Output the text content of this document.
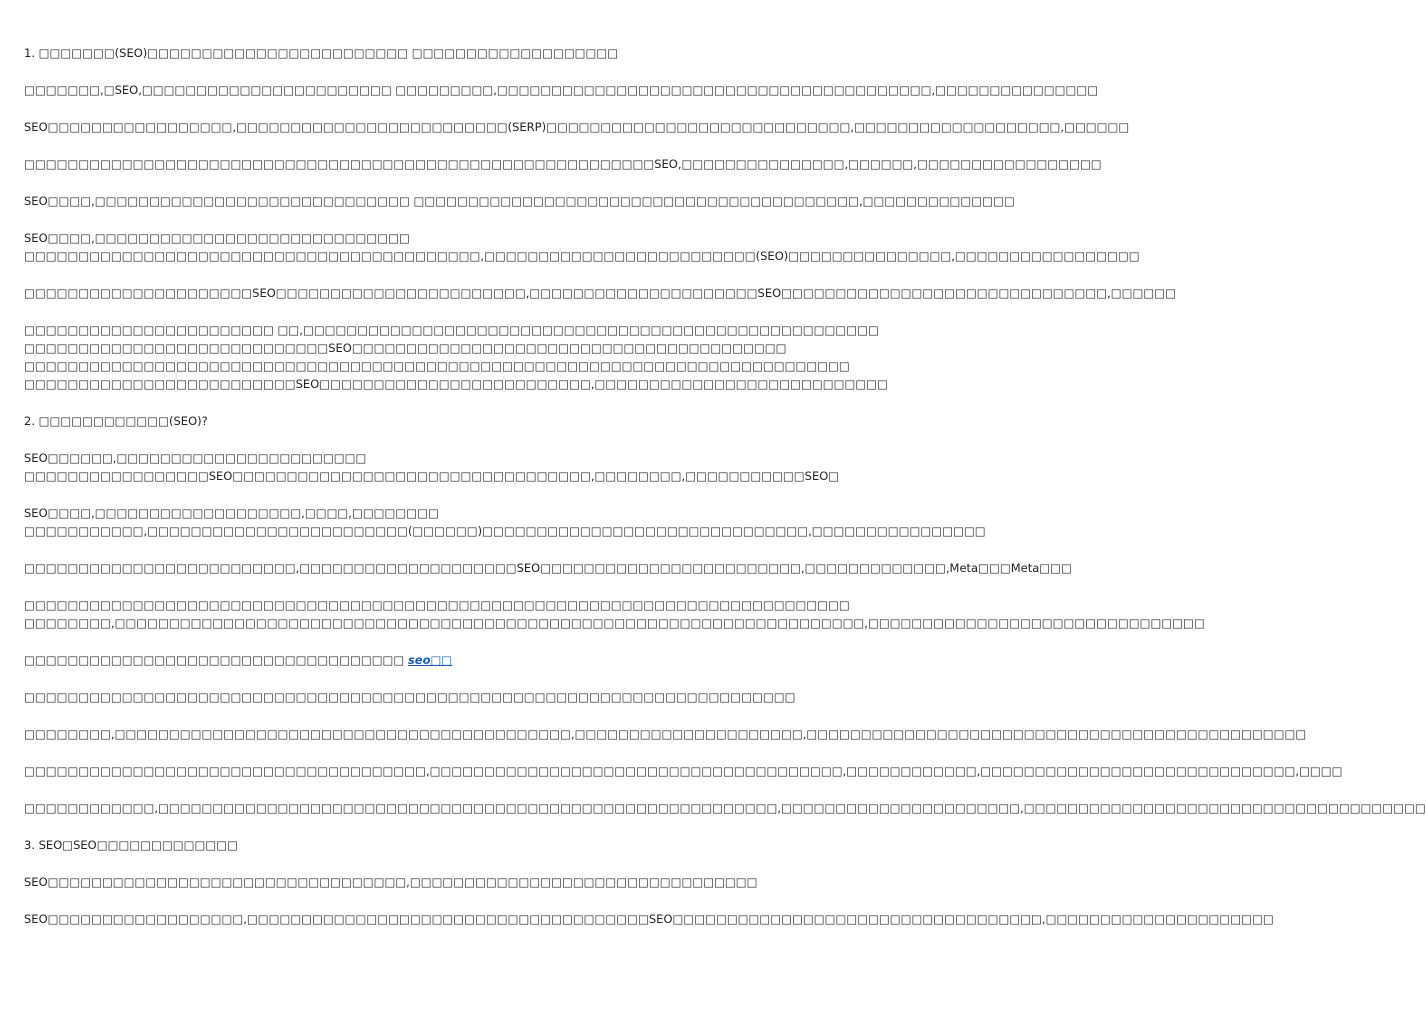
1. □□□□□□□(SEO)□□□□□□□□□□□□□□□□□□□□□□□□ □□□□□□□□□□□□□□□□□□□

□□□□□□□,□SEO,□□□□□□□□□□□□□□□□□□□□□□□ □□□□□□□□□,□□□□□□□□□□□□□□□□□□□□□□□□□□□□□□□□□□□□□□□□,□□□□□□□□□□□□□□□

SEO□□□□□□□□□□□□□□□□□,□□□□□□□□□□□□□□□□□□□□□□□□□(SERP)□□□□□□□□□□□□□□□□□□□□□□□□□□□□,□□□□□□□□□□□□□□□□□□□,□□□□□□

□□□□□□□□□□□□□□□□□□□□□□□□□□□□□□□□□□□□□□□□□□□□□□□□□□□□□□□□□□SEO,□□□□□□□□□□□□□□□,□□□□□□,□□□□□□□□□□□□□□□□□

SEO□□□□,□□□□□□□□□□□□□□□□□□□□□□□□□□□□□ □□□□□□□□□□□□□□□□□□□□□□□□□□□□□□□□□□□□□□□□□,□□□□□□□□□□□□□□

SEO□□□□,□□□□□□□□□□□□□□□□□□□□□□□□□□□□□

□□□□□□□□□□□□□□□□□□□□□□□□□□□□□□□□□□□□□□□□□□,□□□□□□□□□□□□□□□□□□□□□□□□□(SEO)□□□□□□□□□□□□□□□,□□□□□□□□□□□□□□□□□

□□□□□□□□□□□□□□□□□□□□□SEO□□□□□□□□□□□□□□□□□□□□□□□,□□□□□□□□□□□□□□□□□□□□□SEO□□□□□□□□□□□□□□□□□□□□□□□□□□□□□□,□□□□□□

□□□□□□□□□□□□□□□□□□□□□□□ □□,□□□□□□□□□□□□□□□□□□□□□□□□□□□□□□□□□□□□□□□□□□□□□□□□□□□□□

□□□□□□□□□□□□□□□□□□□□□□□□□□□□SEO□□□□□□□□□□□□□□□□□□□□□□□□□□□□□□□□□□□□□□□□

□□□□□□□□□□□□□□□□□□□□□□□□□□□□□□□□□□□□□□□□□□□□□□□□□□□□□□□□□□□□□□□□□□□□□□□□□□□□

□□□□□□□□□□□□□□□□□□□□□□□□□SEO□□□□□□□□□□□□□□□□□□□□□□□□□,□□□□□□□□□□□□□□□□□□□□□□□□□□□

2. □□□□□□□□□□□□(SEO)?

SEO□□□□□□,□□□□□□□□□□□□□□□□□□□□□□□

□□□□□□□□□□□□□□□□□SEO□□□□□□□□□□□□□□□□□□□□□□□□□□□□□□□□□,□□□□□□□□,□□□□□□□□□□□SEO□

SEO□□□□,□□□□□□□□□□□□□□□□□□□,□□□□,□□□□□□□□

□□□□□□□□□□□,□□□□□□□□□□□□□□□□□□□□□□□□(□□□□□□)□□□□□□□□□□□□□□□□□□□□□□□□□□□□□□,□□□□□□□□□□□□□□□□

□□□□□□□□□□□□□□□□□□□□□□□□□,□□□□□□□□□□□□□□□□□□□□SEO□□□□□□□□□□□□□□□□□□□□□□□□,□□□□□□□□□□□□□,Meta□□□Meta□□□

□□□□□□□□□□□□□□□□□□□□□□□□□□□□□□□□□□□□□□□□□□□□□□□□□□□□□□□□□□□□□□□□□□□□□□□□□□□□

□□□□□□□□,□□□□□□□□□□□□□□□□□□□□□□□□□□□□□□□□□□□□□□□□□□□□□□□□□□□□□□□□□□□□□□□□□□□□□,□□□□□□□□□□□□□□□□□□□□□□□□□□□□□□□

□□□□□□□□□□□□□□□□□□□□□□□□□□□□□□□□□□□ seo□□

□□□□□□□□□□□□□□□□□□□□□□□□□□□□□□□□□□□□□□□□□□□□□□□□□□□□□□□□□□□□□□□□□□□□□□□

□□□□□□□□,□□□□□□□□□□□□□□□□□□□□□□□□□□□□□□□□□□□□□□□□□□,□□□□□□□□□□□□□□□□□□□□□,□□□□□□□□□□□□□□□□□□□□□□□□□□□□□□□□□□□□□□□□□□□□□□

□□□□□□□□□□□□□□□□□□□□□□□□□□□□□□□□□□□□□,□□□□□□□□□□□□□□□□□□□□□□□□□□□□□□□□□□□□□□,□□□□□□□□□□□□,□□□□□□□□□□□□□□□□□□□□□□□□□□□□□,□□□□

□□□□□□□□□□□□,□□□□□□□□□□□□□□□□□□□□□□□□□□□□□□□□□□□□□□□□□□□□□□□□□□□□□□□□□,□□□□□□□□□□□□□□□□□□□□□□,□□□□□□□□□□□□□□□□□□□□□□□□□□□□□□□□□□□□□

3. SEO□SEO□□□□□□□□□□□□□

SEO□□□□□□□□□□□□□□□□□□□□□□□□□□□□□□□□□,□□□□□□□□□□□□□□□□□□□□□□□□□□□□□□□□

SEO□□□□□□□□□□□□□□□□□□,□□□□□□□□□□□□□□□□□□□□□□□□□□□□□□□□□□□□□SEO□□□□□□□□□□□□□□□□□□□□□□□□□□□□□□□□□□,□□□□□□□□□□□□□□□□□□□□□
